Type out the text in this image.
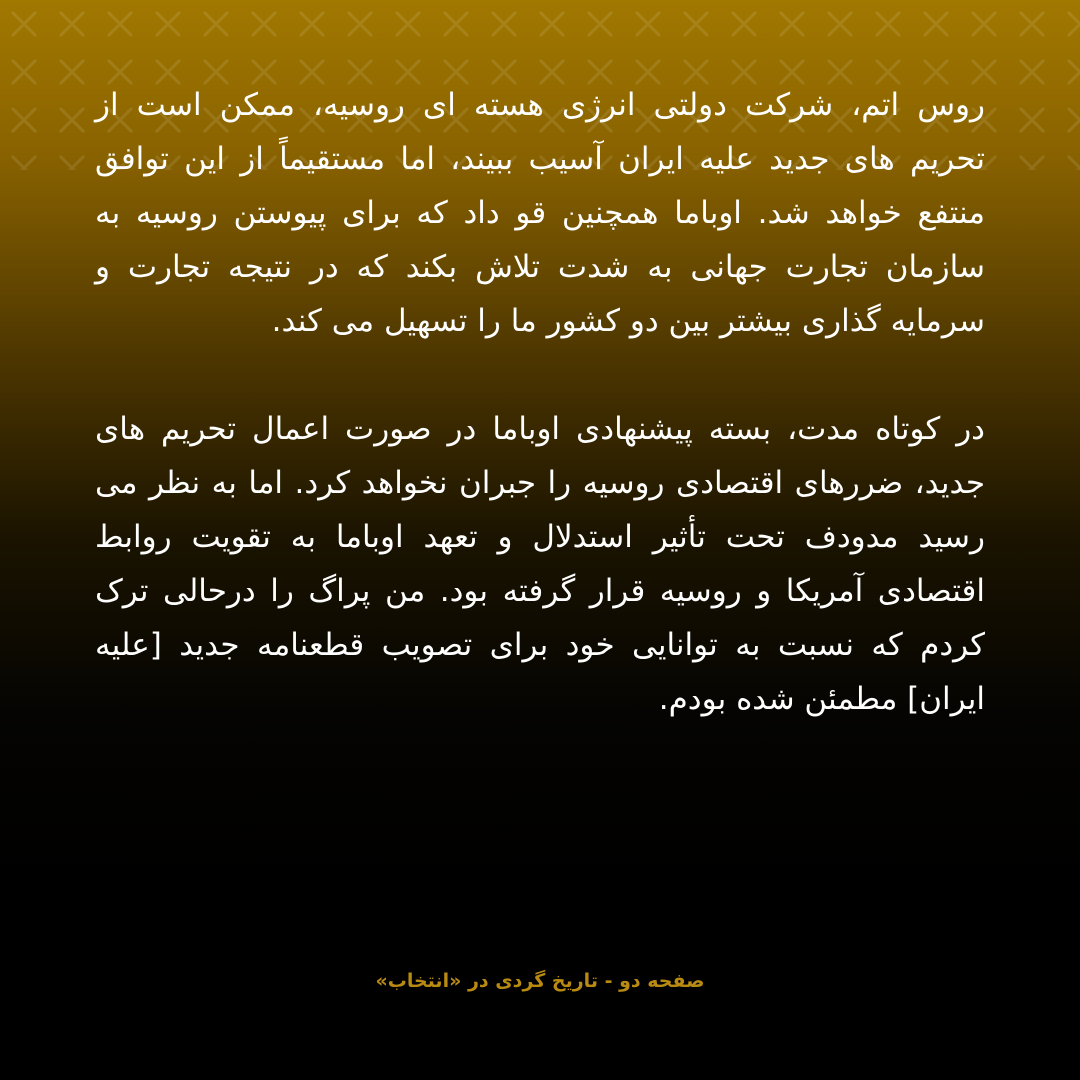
روس اتم، شرکت دولتی انرژی هسته ای روسیه، ممکن است از تحریم های جدید علیه ایران آسیب ببیند، اما مستقیماً از این توافق منتفع خواهد شد. اوباما همچنین قو داد که برای پیوستن روسیه به سازمان تجارت جهانی به شدت تلاش بکند که در نتیجه تجارت و سرمایه گذاری بیشتر بین دو کشور ما را تسهیل می کند.

در کوتاه مدت، بسته پیشنهادی اوباما در صورت اعمال تحریم های جدید، ضررهای اقتصادی روسیه را جبران نخواهد کرد. اما به نظر می رسید مدودف تحت تأثیر استدلال و تعهد اوباما به تقویت روابط اقتصادی آمریکا و روسیه قرار گرفته بود. من پراگ را درحالی ترک کردم که نسبت به توانایی خود برای تصویب قطعنامه جدید [علیه ایران] مطمئن شده بودم.

صفحه دو - تاریخ گردی در «انتخاب»
